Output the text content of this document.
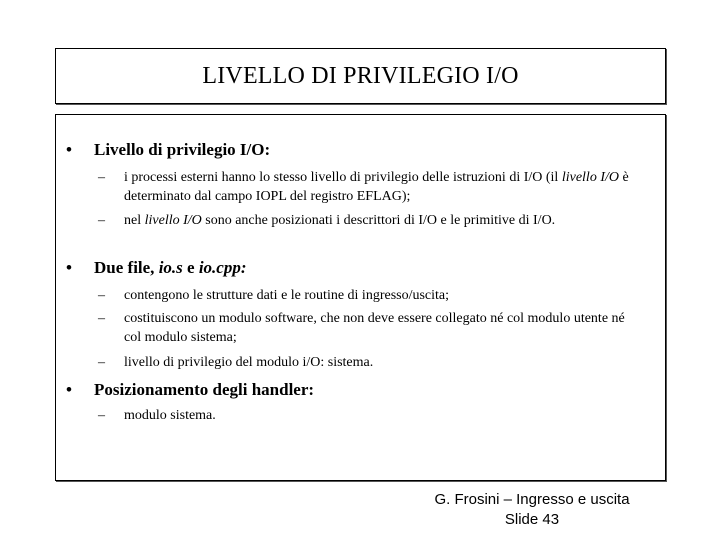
LIVELLO DI PRIVILEGIO I/O
• Livello di privilegio I/O:
– i processi esterni hanno lo stesso livello di privilegio delle istruzioni di I/O (il livello I/O è determinato dal campo IOPL del registro EFLAG);
– nel livello I/O sono anche posizionati i descrittori di I/O e le primitive di I/O.
• Due file, io.s e io.cpp:
– contengono le strutture dati e le routine di ingresso/uscita;
– costituiscono un modulo software, che non deve essere collegato né col modulo utente né col modulo sistema;
– livello di privilegio del modulo i/O: sistema.
• Posizionamento degli handler:
– modulo sistema.
G. Frosini – Ingresso e uscita
Slide 43
